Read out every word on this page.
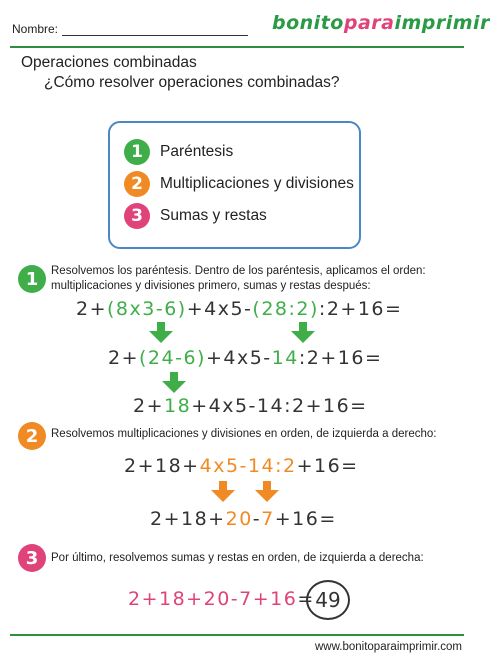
Nombre:	bonitoparaimprimir
Operaciones combinadas
¿Cómo resolver operaciones combinadas?
1	Paréntesis
2	Multiplicaciones y divisiones
3	Sumas y restas
1	Resolvemos los paréntesis. Dentro de los paréntesis, aplicamos el orden:
multiplicaciones y divisiones primero, sumas y restas después:
2+(8x3-6)+4x5-(28:2):2+16=
2+(24-6)+4x5-14:2+16=
2+18+4x5-14:2+16=
2	Resolvemos multiplicaciones y divisiones en orden, de izquierda a derecho:
2+18+4x5-14:2+16=
2+18+20-7+16=
3	Por último, resolvemos sumas y restas en orden, de izquierda a derecha:
2+18+20-7+16= 49
www.bonitoparaimprimir.com
